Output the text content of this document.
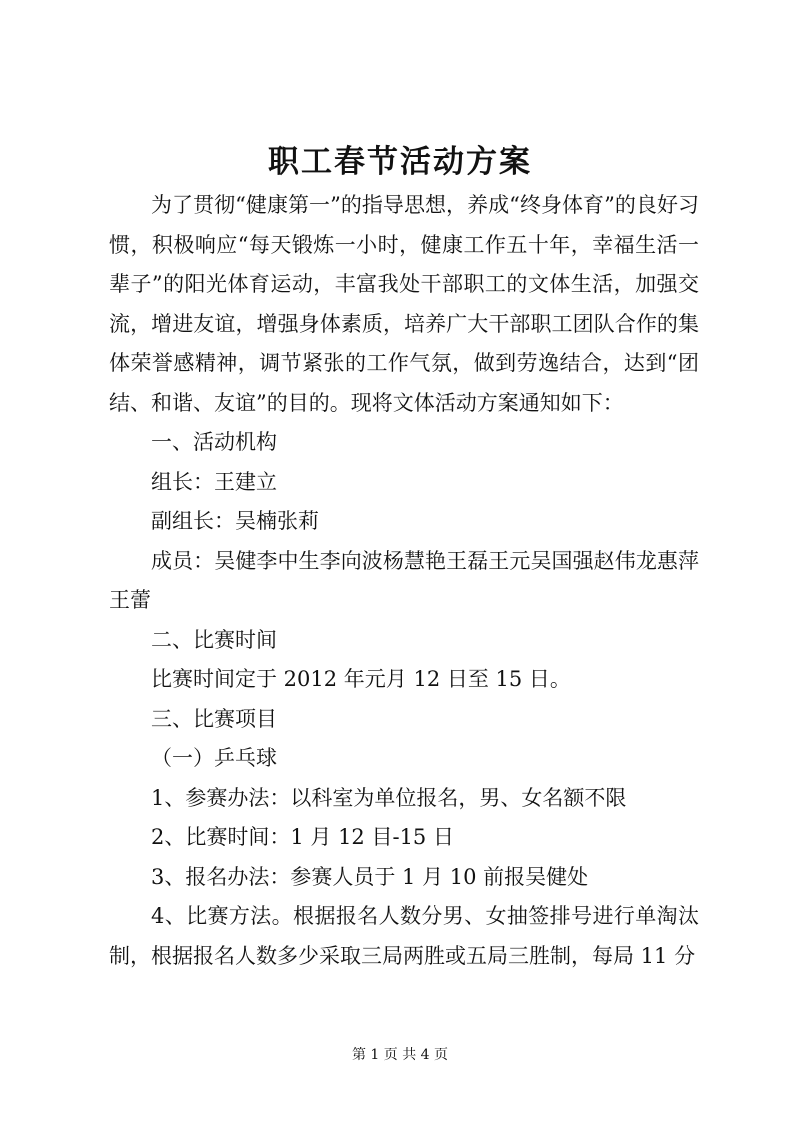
职工春节活动方案

为了贯彻“健康第一”的指导思想，养成“终身体育”的良好习惯，积极响应“每天锻炼一小时，健康工作五十年，幸福生活一辈子”的阳光体育运动，丰富我处干部职工的文体生活，加强交流，增进友谊，增强身体素质，培养广大干部职工团队合作的集体荣誉感精神，调节紧张的工作气氛，做到劳逸结合，达到“团结、和谐、友谊”的目的。现将文体活动方案通知如下：

一、活动机构

组长：王建立

副组长：吴楠张莉

成员：吴健李中生李向波杨慧艳王磊王元吴国强赵伟龙惠萍王蕾

二、比赛时间

比赛时间定于 2012 年元月 12 日至 15 日。

三、比赛项目

（一）乒乓球

1、参赛办法：以科室为单位报名，男、女名额不限

2、比赛时间：1 月 12 目-15 日

3、报名办法：参赛人员于 1 月 10 前报吴健处

4、比赛方法。根据报名人数分男、女抽签排号进行单淘汰制，根据报名人数多少采取三局两胜或五局三胜制，每局 11 分

第 1 页 共 4 页
